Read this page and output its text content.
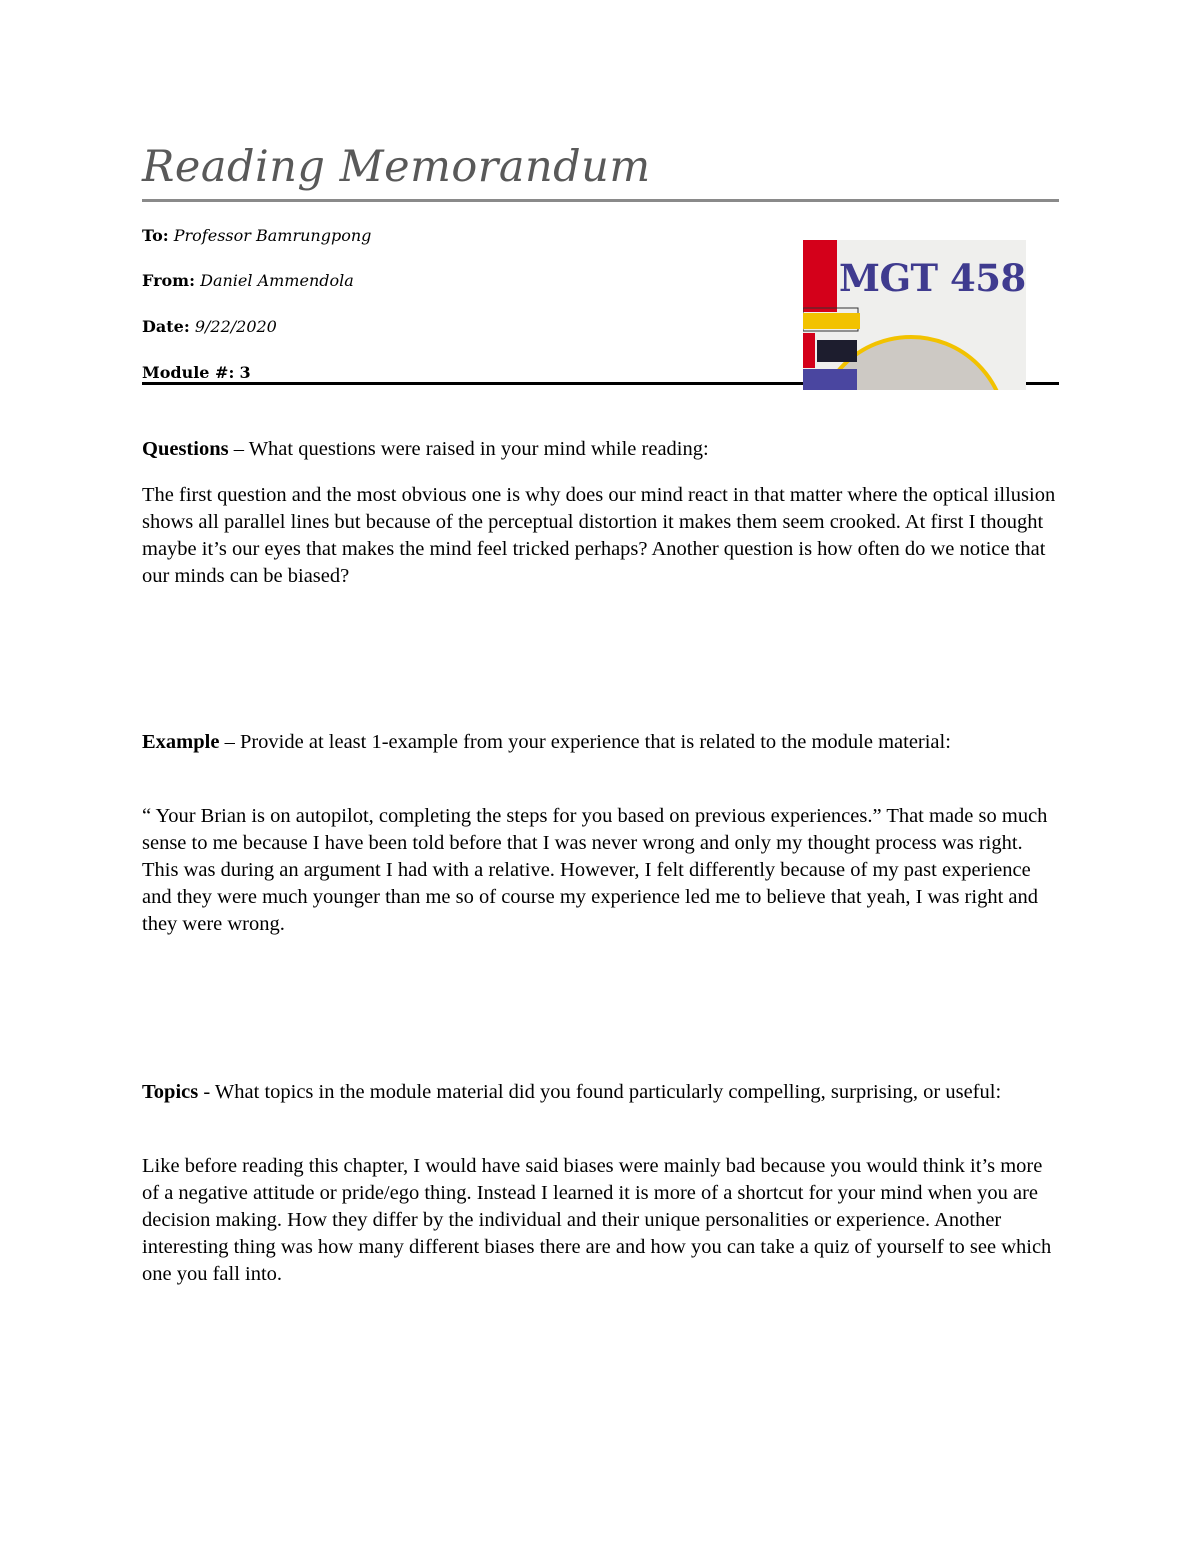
Reading Memorandum
To: Professor Bamrungpong
From: Daniel Ammendola
Date: 9/22/2020
Module #: 3
MGT 458

Questions – What questions were raised in your mind while reading:

The first question and the most obvious one is why does our mind react in that matter where the optical illusion shows all parallel lines but because of the perceptual distortion it makes them seem crooked. At first I thought maybe it’s our eyes that makes the mind feel tricked perhaps? Another question is how often do we notice that our minds can be biased?

Example – Provide at least 1-example from your experience that is related to the module material:

“ Your Brian is on autopilot, completing the steps for you based on previous experiences.” That made so much sense to me because I have been told before that I was never wrong and only my thought process was right. This was during an argument I had with a relative. However, I felt differently because of my past experience and they were much younger than me so of course my experience led me to believe that yeah, I was right and they were wrong.

Topics - What topics in the module material did you found particularly compelling, surprising, or useful:

Like before reading this chapter, I would have said biases were mainly bad because you would think it’s more of a negative attitude or pride/ego thing. Instead I learned it is more of a shortcut for your mind when you are decision making. How they differ by the individual and their unique personalities or experience. Another interesting thing was how many different biases there are and how you can take a quiz of yourself to see which one you fall into.
